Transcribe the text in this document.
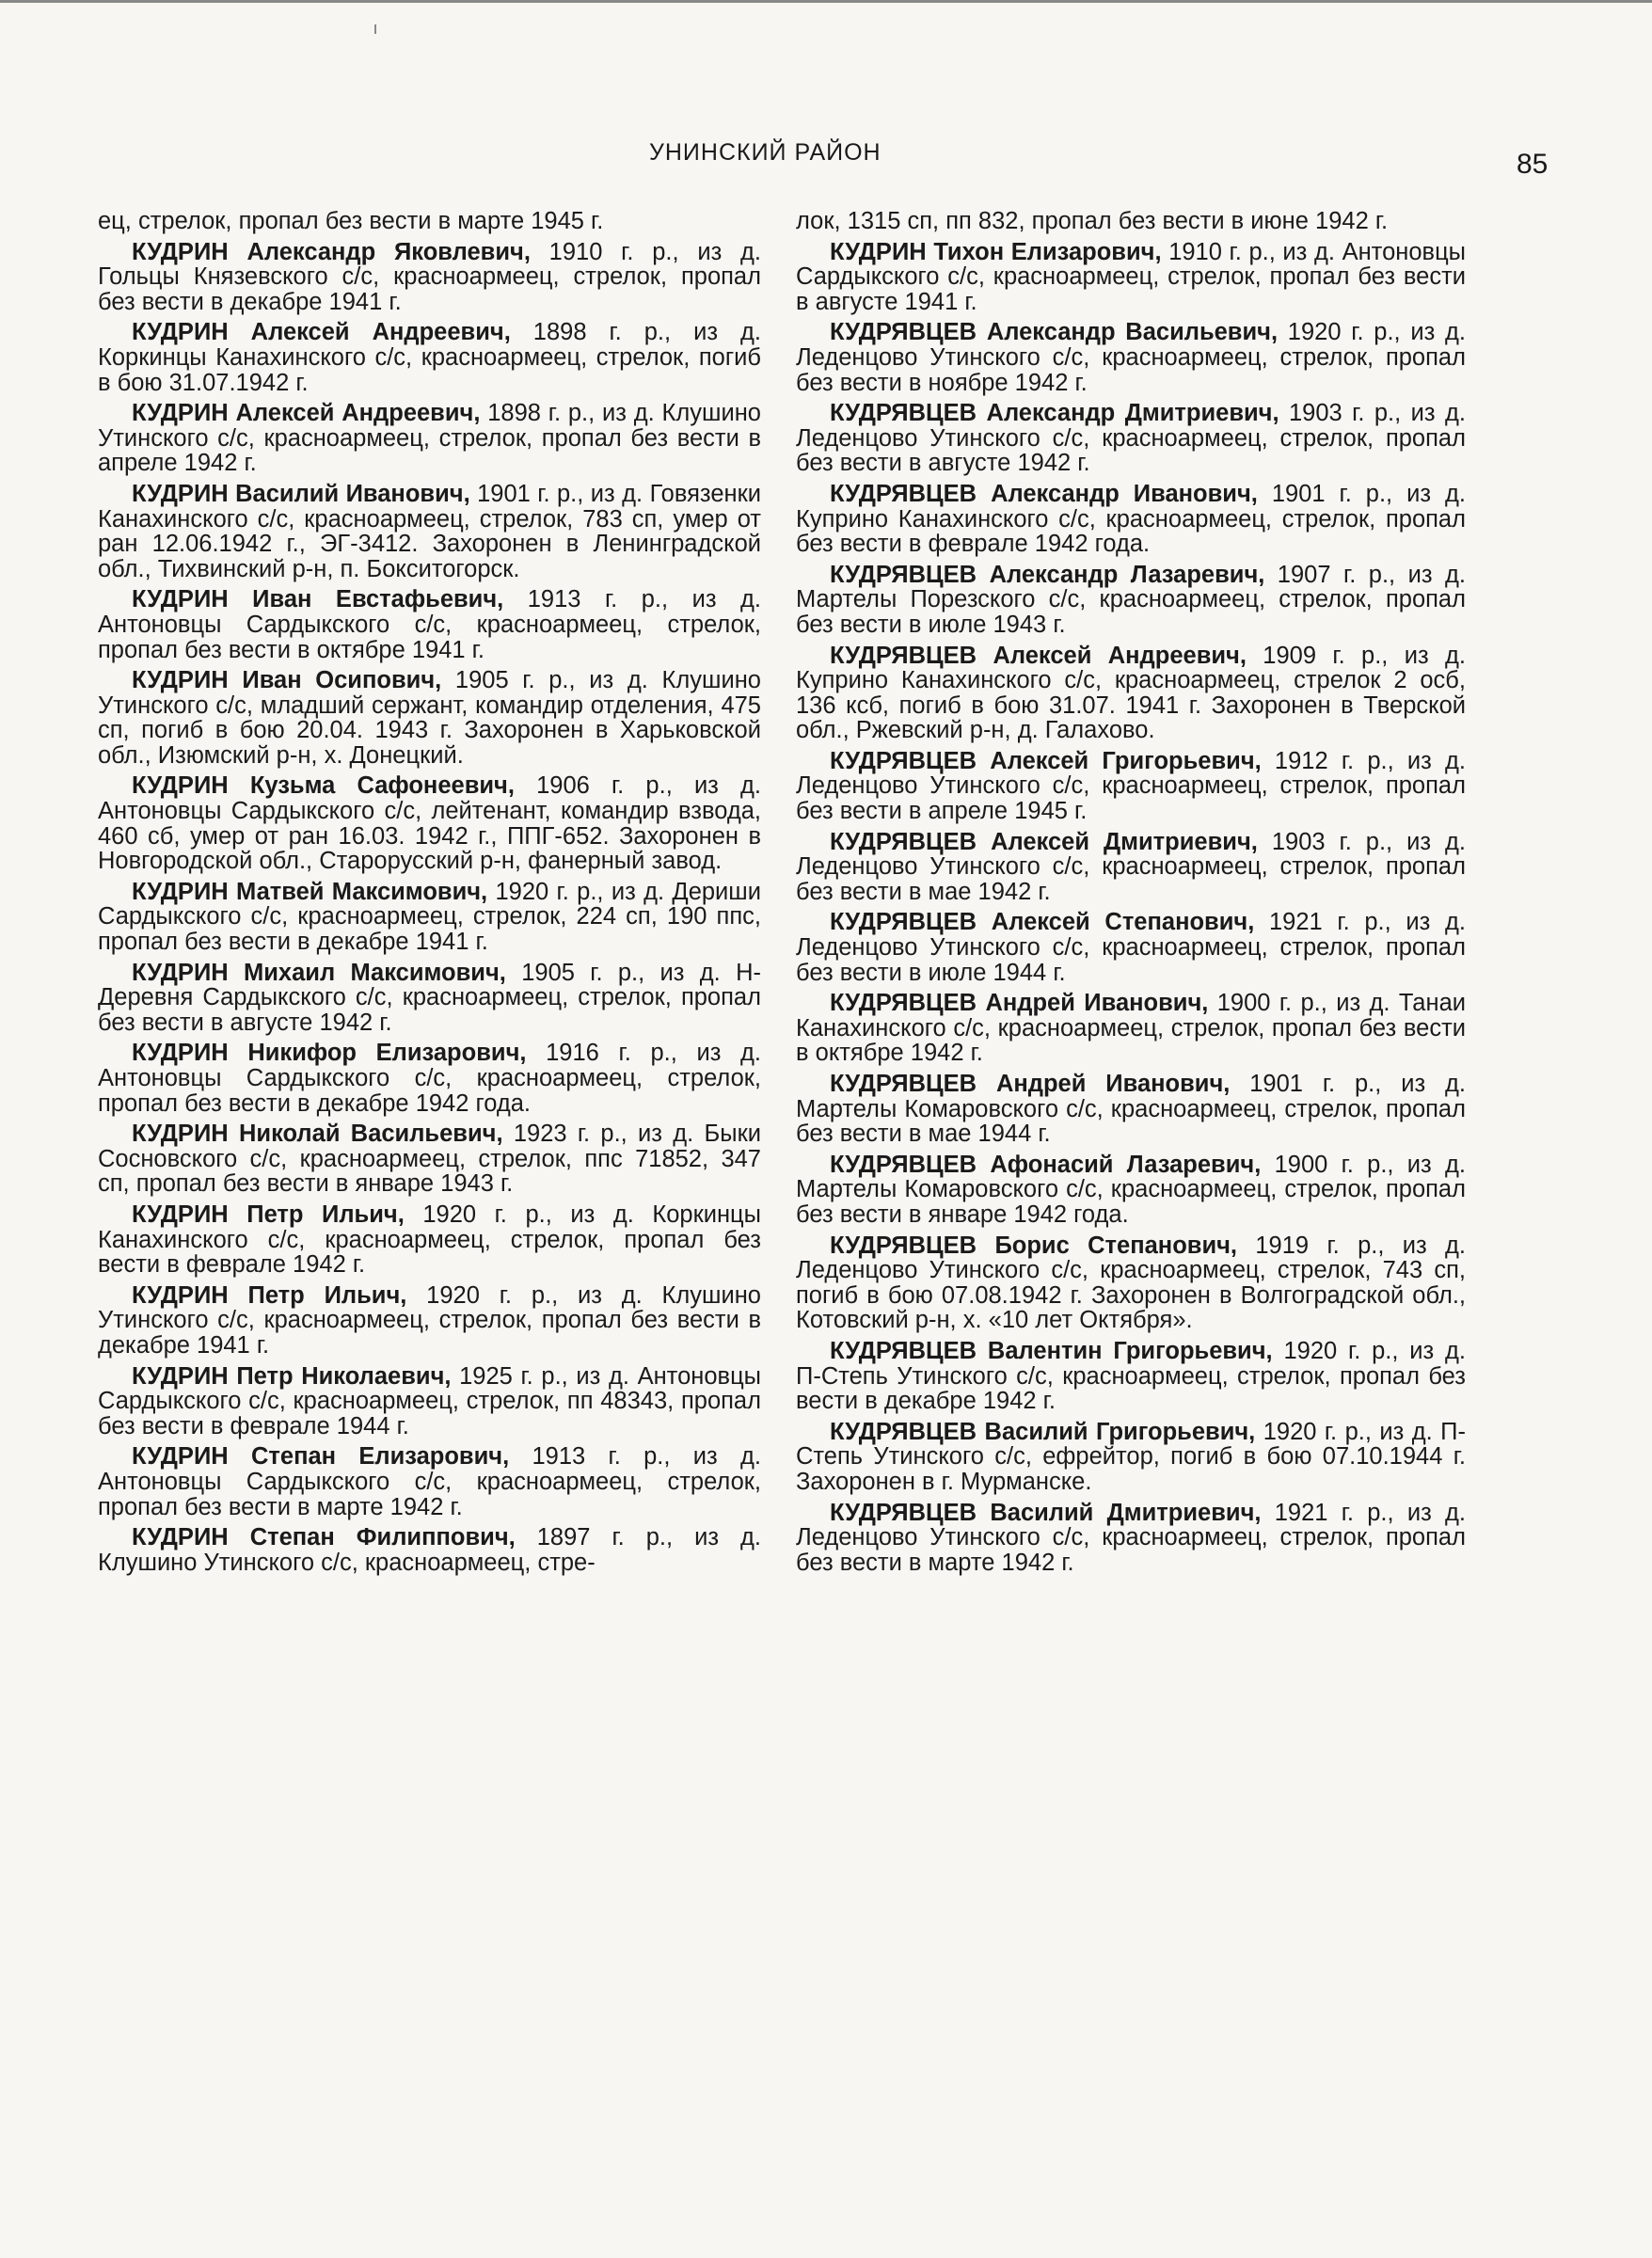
УНИНСКИЙ РАЙОН	85

ец, стрелок, пропал без вести в марте 1945 г.

КУДРИН Александр Яковлевич, 1910 г. р., из д. Гольцы Князевского с/с, красноармеец, стрелок, пропал без вести в декабре 1941 г.

КУДРИН Алексей Андреевич, 1898 г. р., из д. Коркинцы Канахинского с/с, красноармеец, стрелок, погиб в бою 31.07.1942 г.

КУДРИН Алексей Андреевич, 1898 г. р., из д. Клушино Утинского с/с, красноармеец, стрелок, пропал без вести в апреле 1942 г.

КУДРИН Василий Иванович, 1901 г. р., из д. Говязенки Канахинского с/с, красноармеец, стрелок, 783 сп, умер от ран 12.06.1942 г., ЭГ-3412. Захоронен в Ленинградской обл., Тихвинский р-н, п. Бокситогорск.

КУДРИН Иван Евстафьевич, 1913 г. р., из д. Антоновцы Сардыкского с/с, красноармеец, стрелок, пропал без вести в октябре 1941 г.

КУДРИН Иван Осипович, 1905 г. р., из д. Клушино Утинского с/с, младший сержант, командир отделения, 475 сп, погиб в бою 20.04. 1943 г. Захоронен в Харьковской обл., Изюмский р-н, х. Донецкий.

КУДРИН Кузьма Сафонеевич, 1906 г. р., из д. Антоновцы Сардыкского с/с, лейтенант, командир взвода, 460 сб, умер от ран 16.03. 1942 г., ППГ-652. Захоронен в Новгородской обл., Старорусский р-н, фанерный завод.

КУДРИН Матвей Максимович, 1920 г. р., из д. Дериши Сардыкского с/с, красноармеец, стрелок, 224 сп, 190 ппс, пропал без вести в декабре 1941 г.

КУДРИН Михаил Максимович, 1905 г. р., из д. Н-Деревня Сардыкского с/с, красноармеец, стрелок, пропал без вести в августе 1942 г.

КУДРИН Никифор Елизарович, 1916 г. р., из д. Антоновцы Сардыкского с/с, красноармеец, стрелок, пропал без вести в декабре 1942 года.

КУДРИН Николай Васильевич, 1923 г. р., из д. Быки Сосновского с/с, красноармеец, стрелок, ппс 71852, 347 сп, пропал без вести в январе 1943 г.

КУДРИН Петр Ильич, 1920 г. р., из д. Коркинцы Канахинского с/с, красноармеец, стрелок, пропал без вести в феврале 1942 г.

КУДРИН Петр Ильич, 1920 г. р., из д. Клушино Утинского с/с, красноармеец, стрелок, пропал без вести в декабре 1941 г.

КУДРИН Петр Николаевич, 1925 г. р., из д. Антоновцы Сардыкского с/с, красноармеец, стрелок, пп 48343, пропал без вести в феврале 1944 г.

КУДРИН Степан Елизарович, 1913 г. р., из д. Антоновцы Сардыкского с/с, красноармеец, стрелок, пропал без вести в марте 1942 г.

КУДРИН Степан Филиппович, 1897 г. р., из д. Клушино Утинского с/с, красноармеец, стре-

лок, 1315 сп, пп 832, пропал без вести в июне 1942 г.

КУДРИН Тихон Елизарович, 1910 г. р., из д. Антоновцы Сардыкского с/с, красноармеец, стрелок, пропал без вести в августе 1941 г.

КУДРЯВЦЕВ Александр Васильевич, 1920 г. р., из д. Леденцово Утинского с/с, красноармеец, стрелок, пропал без вести в ноябре 1942 г.

КУДРЯВЦЕВ Александр Дмитриевич, 1903 г. р., из д. Леденцово Утинского с/с, красноармеец, стрелок, пропал без вести в августе 1942 г.

КУДРЯВЦЕВ Александр Иванович, 1901 г. р., из д. Куприно Канахинского с/с, красноармеец, стрелок, пропал без вести в феврале 1942 года.

КУДРЯВЦЕВ Александр Лазаревич, 1907 г. р., из д. Мартелы Порезского с/с, красноармеец, стрелок, пропал без вести в июле 1943 г.

КУДРЯВЦЕВ Алексей Андреевич, 1909 г. р., из д. Куприно Канахинского с/с, красноармеец, стрелок 2 осб, 136 ксб, погиб в бою 31.07. 1941 г. Захоронен в Тверской обл., Ржевский р-н, д. Галахово.

КУДРЯВЦЕВ Алексей Григорьевич, 1912 г. р., из д. Леденцово Утинского с/с, красноармеец, стрелок, пропал без вести в апреле 1945 г.

КУДРЯВЦЕВ Алексей Дмитриевич, 1903 г. р., из д. Леденцово Утинского с/с, красноармеец, стрелок, пропал без вести в мае 1942 г.

КУДРЯВЦЕВ Алексей Степанович, 1921 г. р., из д. Леденцово Утинского с/с, красноармеец, стрелок, пропал без вести в июле 1944 г.

КУДРЯВЦЕВ Андрей Иванович, 1900 г. р., из д. Танаи Канахинского с/с, красноармеец, стрелок, пропал без вести в октябре 1942 г.

КУДРЯВЦЕВ Андрей Иванович, 1901 г. р., из д. Мартелы Комаровского с/с, красноармеец, стрелок, пропал без вести в мае 1944 г.

КУДРЯВЦЕВ Афонасий Лазаревич, 1900 г. р., из д. Мартелы Комаровского с/с, красноармеец, стрелок, пропал без вести в январе 1942 года.

КУДРЯВЦЕВ Борис Степанович, 1919 г. р., из д. Леденцово Утинского с/с, красноармеец, стрелок, 743 сп, погиб в бою 07.08.1942 г. Захоронен в Волгоградской обл., Котовский р-н, х. «10 лет Октября».

КУДРЯВЦЕВ Валентин Григорьевич, 1920 г. р., из д. П-Степь Утинского с/с, красноармеец, стрелок, пропал без вести в декабре 1942 г.

КУДРЯВЦЕВ Василий Григорьевич, 1920 г. р., из д. П-Степь Утинского с/с, ефрейтор, погиб в бою 07.10.1944 г. Захоронен в г. Мурманске.

КУДРЯВЦЕВ Василий Дмитриевич, 1921 г. р., из д. Леденцово Утинского с/с, красноармеец, стрелок, пропал без вести в марте 1942 г.
